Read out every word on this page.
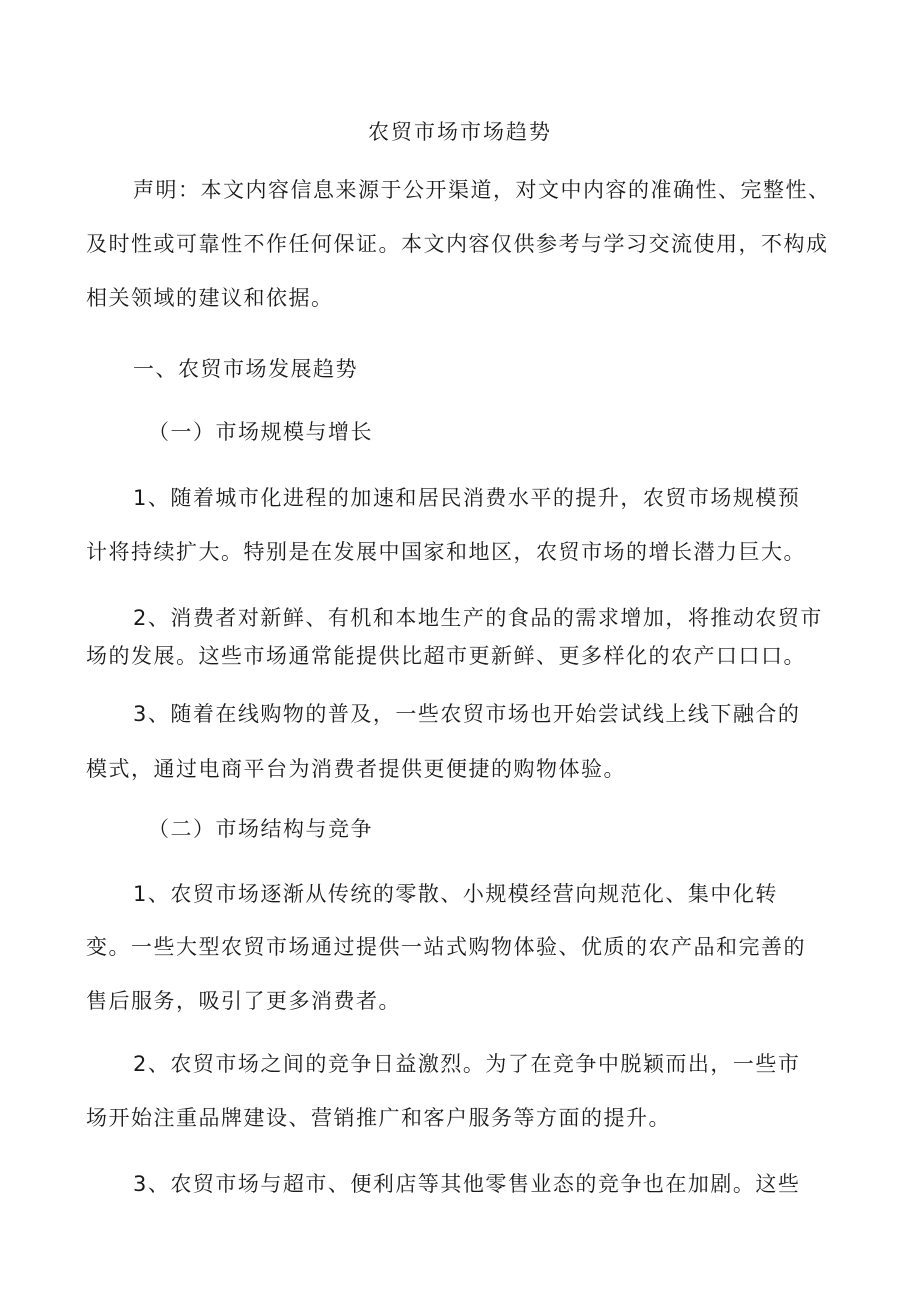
农贸市场市场趋势
声明：本文内容信息来源于公开渠道，对文中内容的准确性、完整性、
及时性或可靠性不作任何保证。本文内容仅供参考与学习交流使用，不构成
相关领域的建议和依据。
一、农贸市场发展趋势
（一）市场规模与增长
1、随着城市化进程的加速和居民消费水平的提升，农贸市场规模预
计将持续扩大。特别是在发展中国家和地区，农贸市场的增长潜力巨大。
2、消费者对新鲜、有机和本地生产的食品的需求增加，将推动农贸市
场的发展。这些市场通常能提供比超市更新鲜、更多样化的农产口口口。
3、随着在线购物的普及，一些农贸市场也开始尝试线上线下融合的
模式，通过电商平台为消费者提供更便捷的购物体验。
（二）市场结构与竞争
1、农贸市场逐渐从传统的零散、小规模经营向规范化、集中化转
变。一些大型农贸市场通过提供一站式购物体验、优质的农产品和完善的
售后服务，吸引了更多消费者。
2、农贸市场之间的竞争日益激烈。为了在竞争中脱颖而出，一些市
场开始注重品牌建设、营销推广和客户服务等方面的提升。
3、农贸市场与超市、便利店等其他零售业态的竞争也在加剧。这些
